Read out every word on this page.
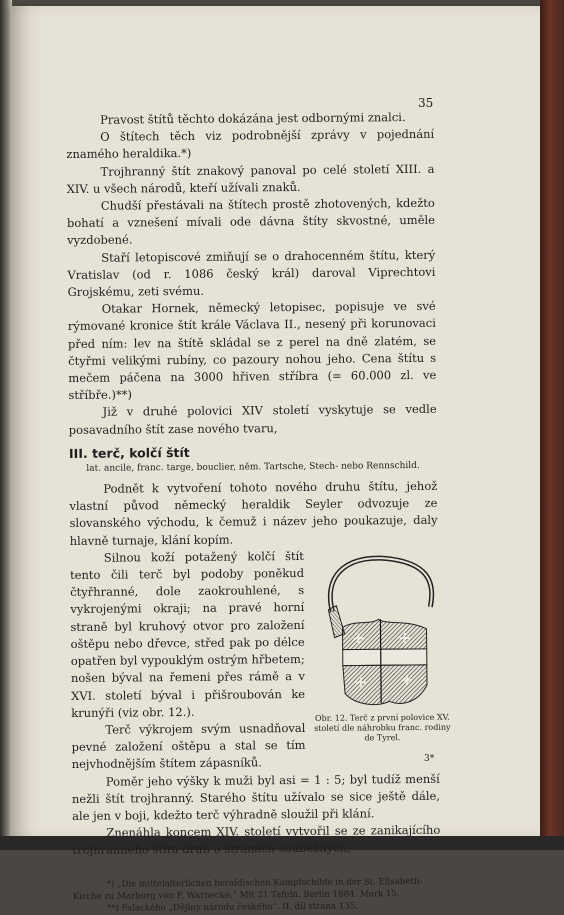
35

Pravost štítů těchto dokázána jest odbornými znalci.

O štítech těch viz podrobnější zprávy v pojednání znamého heraldika.*)

Trojhranný štít znakový panoval po celé století XIII. a XIV. u všech národů, kteří užívali znaků.

Chudší přestávali na štítech prostě zhotovených, kdežto bohatí a vznešení mívali ode dávna štíty skvostné, uměle vyzdobené.

Staří letopiscové zmiňují se o drahocenném štítu, který Vratislav (od r. 1086 český král) daroval Viprechtovi Grojskému, zeti svému.

Otakar Hornek, německý letopisec, popisuje ve své rýmované kronice štít krále Václava II., nesený při korunovaci před ním: lev na štítě skládal se z perel na dně zlatém, se čtyřmi velikými rubíny, co pazoury nohou jeho. Cena štítu s mečem páčena na 3000 hřiven stříbra (= 60.000 zl. ve stříbře.)**)

Již v druhé polovici XIV století vyskytuje se vedle posavadního štít zase nového tvaru,

III. terč, kolčí štít

lat. ancile, franc. targe, bouclier, něm. Tartsche, Stech- nebo Rennschild.

Podnět k vytvoření tohoto nového druhu štítu, jehož vlastní původ německý heraldik Seyler odvozuje ze slovanského východu, k čemuž i název jeho poukazuje, daly hlavně turnaje, klání kopím.

Obr. 12. Terč z první polovice XV. století dle náhrobku franc. rodiny de Tyrel.

Silnou koží potažený kolčí štít tento čili terč byl podoby poněkud čtyřhranné, dole zaokrouhlené, s vykrojenými okraji; na pravé horní straně byl kruhový otvor pro založení oštěpu nebo dřevce, střed pak po délce opatřen byl vypouklým ostrým hřbetem; nošen býval na řemeni přes rámě a v XVI. století býval i přišroubován ke krunýři (viz obr. 12.).

Terč výkrojem svým usnadňoval pevné založení oštěpu a stal se tím nejvhodnějším štítem zápasníků.

Poměr jeho výšky k muži byl asi = 1 : 5; byl tudíž menší nežli štít trojhranný. Starého štítu užívalo se sice ještě dále, ale jen v boji, kdežto terč výhradně sloužil při klání.

Znenáhla koncem XIV. století vytvořil se ze zanikajícího trojhranného štítu druh o stranách souběžných,

*) „Die mittelalterlichen heraldischen Kampfschilde in der St. Elisabeth-Kirche zu Marburg von F. Warnecke.“ Mit 21 Tafeln. Berlin 1884. Mark 15.

**) Palackého „Dějiny národu českého“. II. díl strana 135.

3*
